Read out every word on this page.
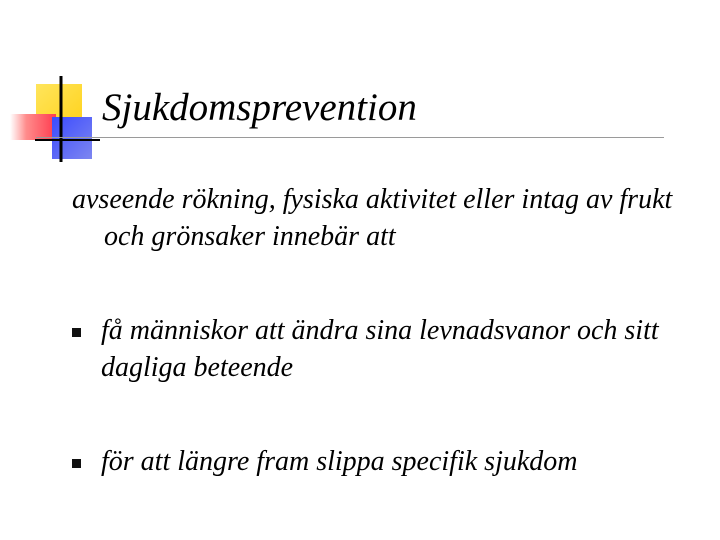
Sjukdomsprevention
avseende rökning, fysiska aktivitet eller intag av frukt och grönsaker innebär att
få människor att ändra sina levnadsvanor och sitt dagliga beteende
för att längre fram slippa specifik sjukdom
